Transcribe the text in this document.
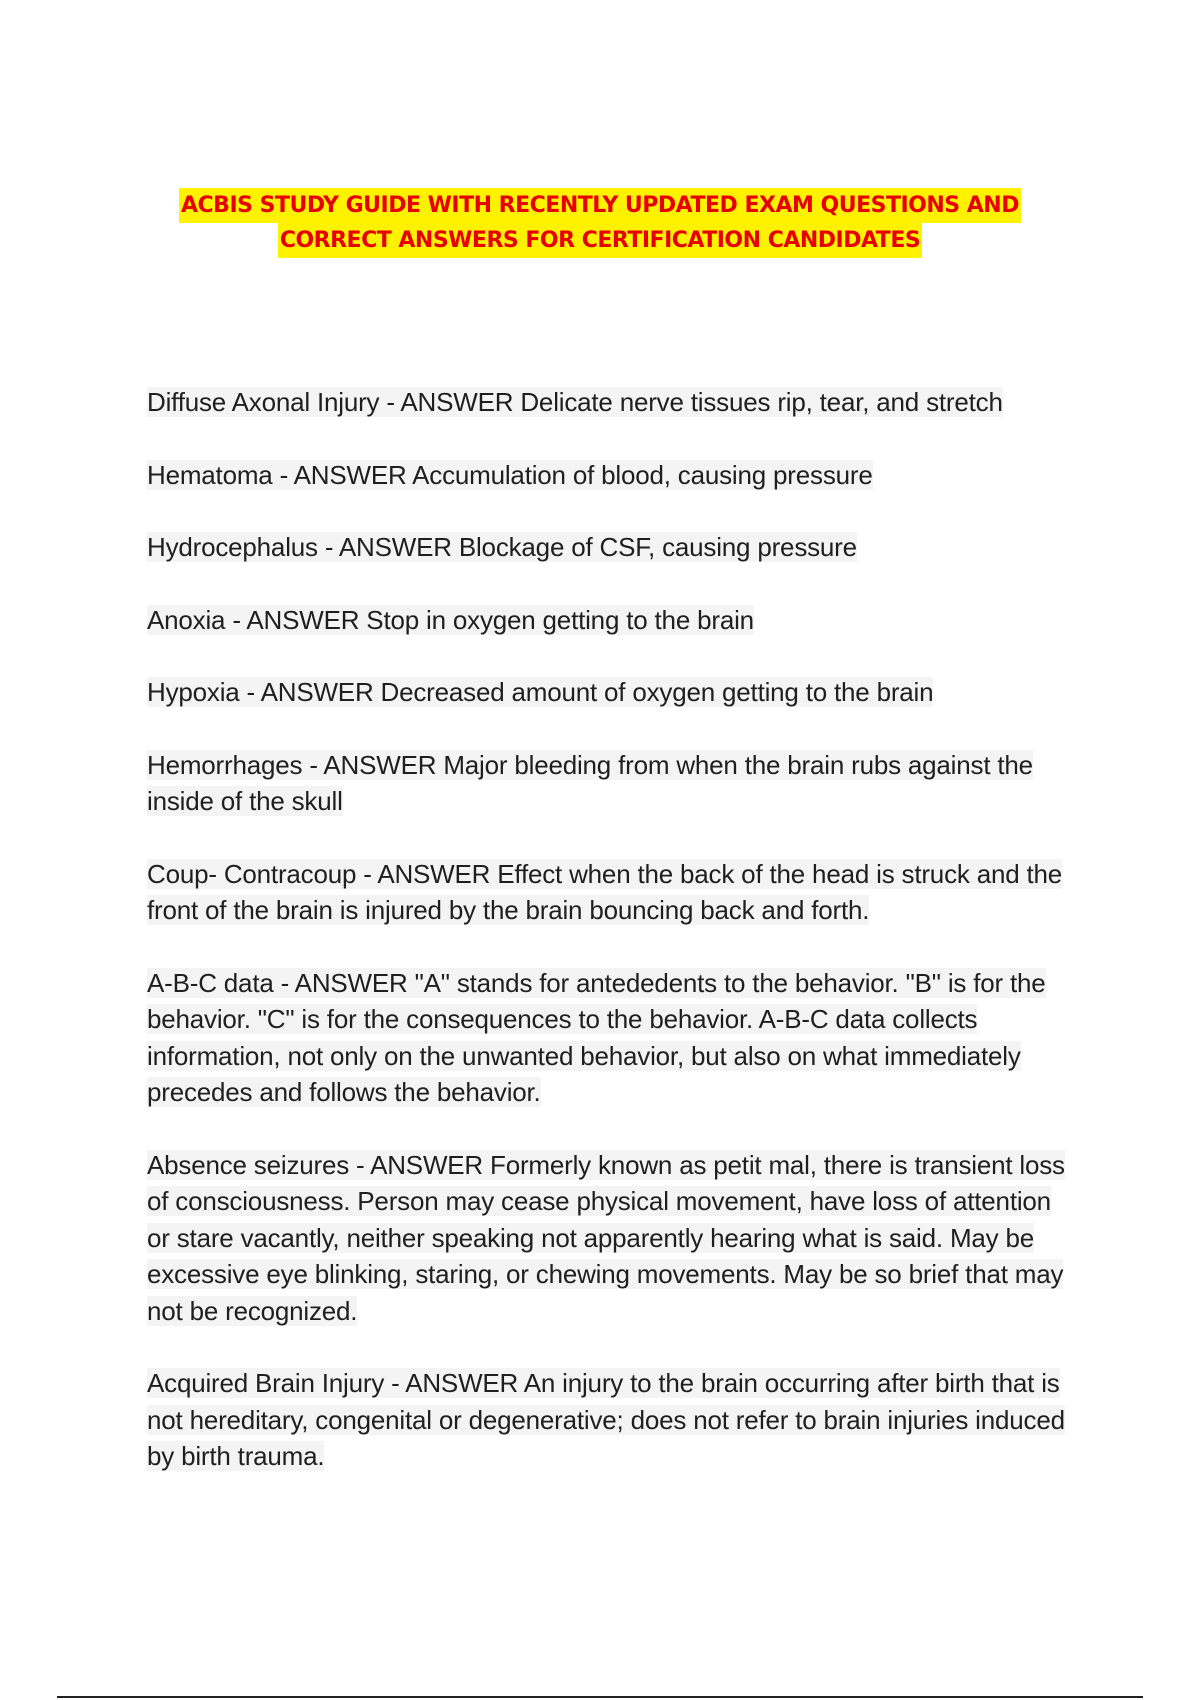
ACBIS STUDY GUIDE WITH RECENTLY UPDATED EXAM QUESTIONS AND
CORRECT ANSWERS FOR CERTIFICATION CANDIDATES

Diffuse Axonal Injury - ANSWER Delicate nerve tissues rip, tear, and stretch

Hematoma - ANSWER Accumulation of blood, causing pressure

Hydrocephalus - ANSWER Blockage of CSF, causing pressure

Anoxia - ANSWER Stop in oxygen getting to the brain

Hypoxia - ANSWER Decreased amount of oxygen getting to the brain

Hemorrhages - ANSWER Major bleeding from when the brain rubs against the inside of the skull

Coup- Contracoup - ANSWER Effect when the back of the head is struck and the front of the brain is injured by the brain bouncing back and forth.

A-B-C data - ANSWER "A" stands for antededents to the behavior. "B" is for the behavior. "C" is for the consequences to the behavior. A-B-C data collects information, not only on the unwanted behavior, but also on what immediately precedes and follows the behavior.

Absence seizures - ANSWER Formerly known as petit mal, there is transient loss of consciousness. Person may cease physical movement, have loss of attention or stare vacantly, neither speaking not apparently hearing what is said. May be excessive eye blinking, staring, or chewing movements. May be so brief that may not be recognized.

Acquired Brain Injury - ANSWER An injury to the brain occurring after birth that is not hereditary, congenital or degenerative; does not refer to brain injuries induced by birth trauma.
